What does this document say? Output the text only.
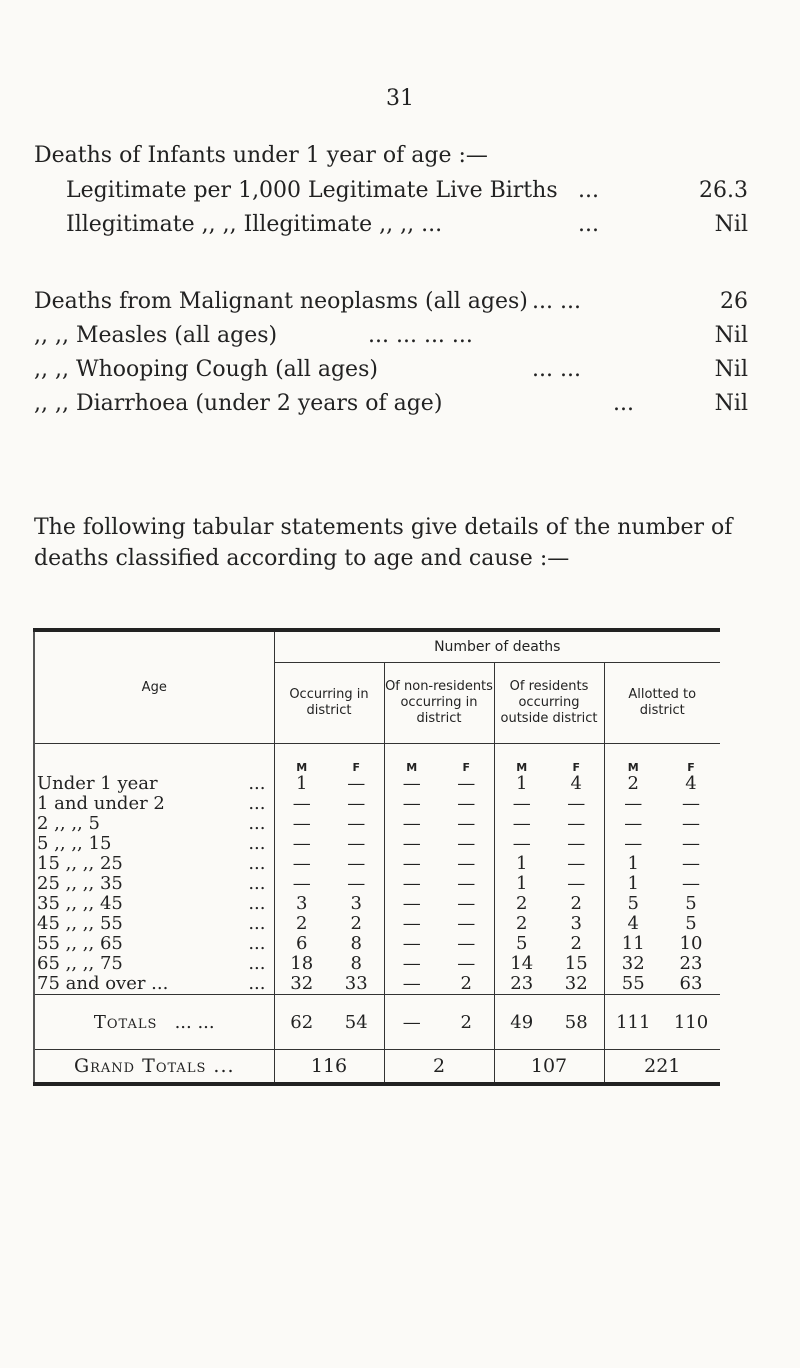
31
Deaths of Infants under 1 year of age :—
Legitimate per 1,000 Legitimate Live Births ...	26.3
Illegitimate ,, ,, Illegitimate ,, ,, ...	...	Nil
Deaths from Malignant neoplasms (all ages) ... ...	26
,, ,, Measles (all ages)	... ... ... ...	Nil
,, ,, Whooping Cough (all ages)	... ...	Nil
,, ,, Diarrhoea (under 2 years of age)	...	Nil
The following tabular statements give details of the number of deaths classified according to age and cause :—
Age	Number of deaths							
	Occurring in district		Of non-residents occurring in district		Of residents occurring outside district		Allotted to district	
	M	F	M	F	M	F	M	F
Under 1 year ...	1	—	—	—	1	4	2	4
1 and under 2 ...	—	—	—	—	—	—	—	—
2 ,, ,, 5 ...	—	—	—	—	—	—	—	—
5 ,, ,, 15 ...	—	—	—	—	—	—	—	—
15 ,, ,, 25 ...	—	—	—	—	1	—	1	—
25 ,, ,, 35 ...	—	—	—	—	1	—	1	—
35 ,, ,, 45 ...	3	3	—	—	2	2	5	5
45 ,, ,, 55 ...	2	2	—	—	2	3	4	5
55 ,, ,, 65 ...	6	8	—	—	5	2	11	10
65 ,, ,, 75 ...	18	8	—	—	14	15	32	23
75 and over ... ...	32	33	—	2	23	32	55	63
Totals ... ...	62	54	—	2	49	58	111	110
Grand Totals ...	116		2		107		221	
